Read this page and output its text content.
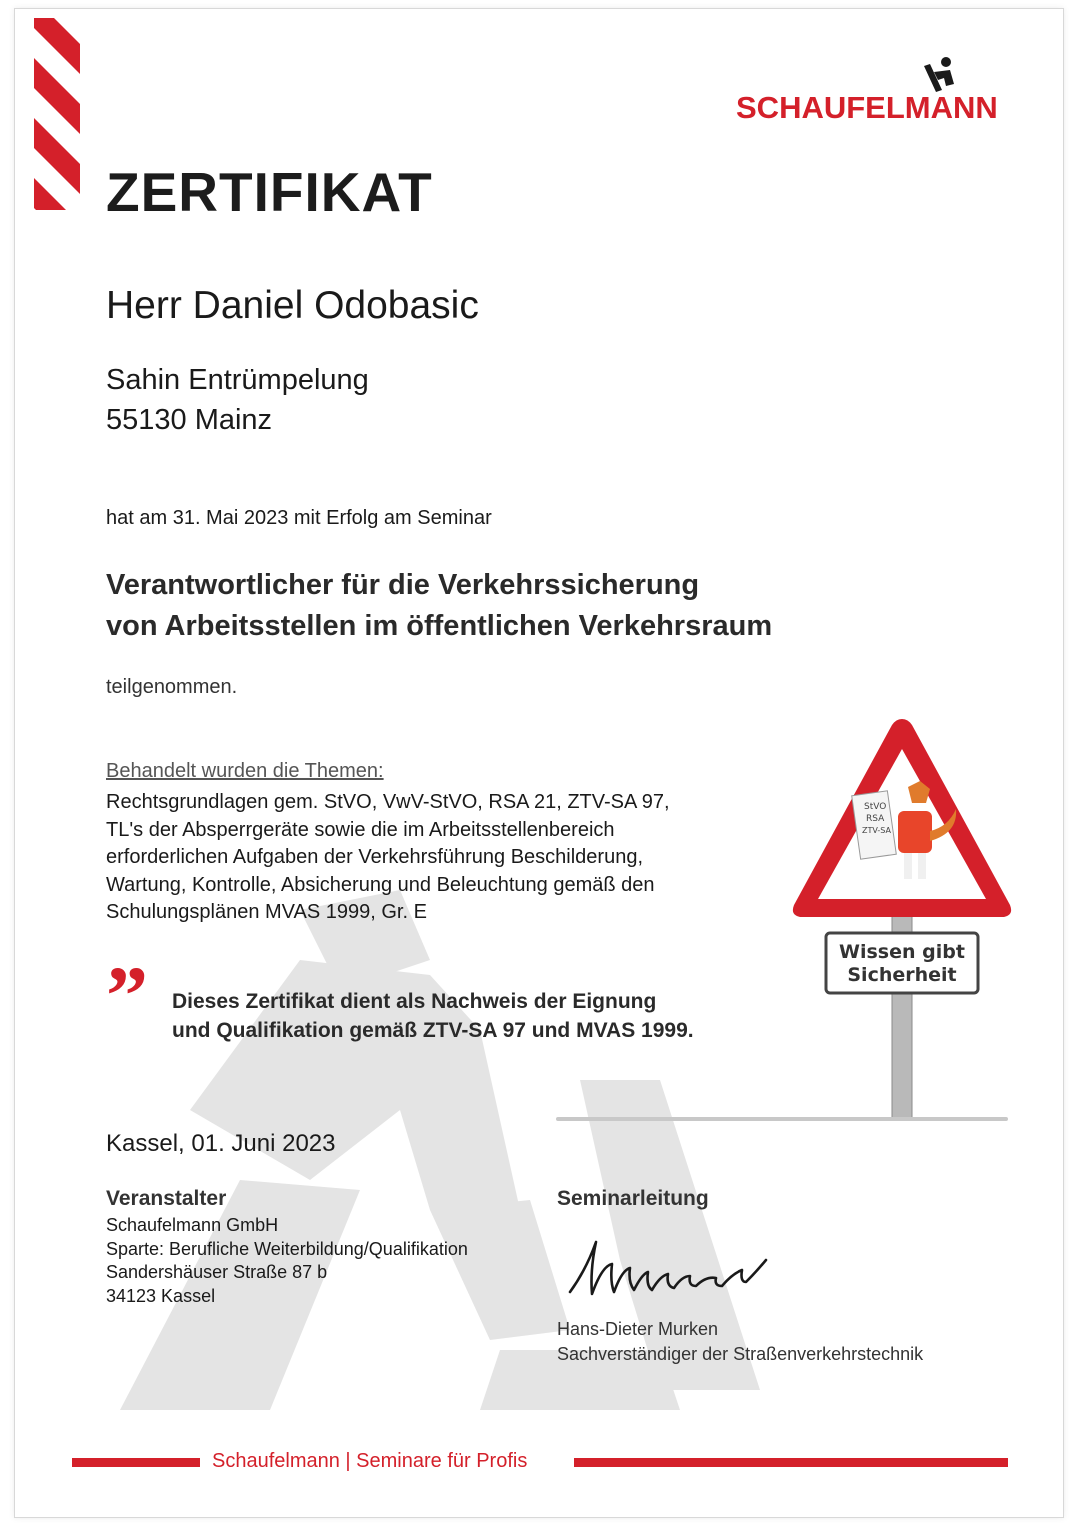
SCHAUFELMANN
ZERTIFIKAT
Herr Daniel Odobasic
Sahin Entrümpelung
55130 Mainz
hat am 31. Mai 2023 mit Erfolg am Seminar
Verantwortlicher für die Verkehrssicherung
von Arbeitsstellen im öffentlichen Verkehrsraum
teilgenommen.
Behandelt wurden die Themen:
Rechtsgrundlagen gem. StVO, VwV-StVO, RSA 21, ZTV-SA 97,
TL's der Absperrgeräte sowie die im Arbeitsstellenbereich
erforderlichen Aufgaben der Verkehrsführung Beschilderung,
Wartung, Kontrolle, Absicherung und Beleuchtung gemäß den
Schulungsplänen MVAS 1999, Gr. E
” Dieses Zertifikat dient als Nachweis der Eignung
und Qualifikation gemäß ZTV-SA 97 und MVAS 1999.
StVO
RSA
ZTV-SA
Wissen gibt
Sicherheit
Kassel, 01. Juni 2023
Veranstalter
Schaufelmann GmbH
Sparte: Berufliche Weiterbildung/Qualifikation
Sandershäuser Straße 87 b
34123 Kassel
Seminarleitung
Hans-Dieter Murken
Sachverständiger der Straßenverkehrstechnik
Schaufelmann | Seminare für Profis
